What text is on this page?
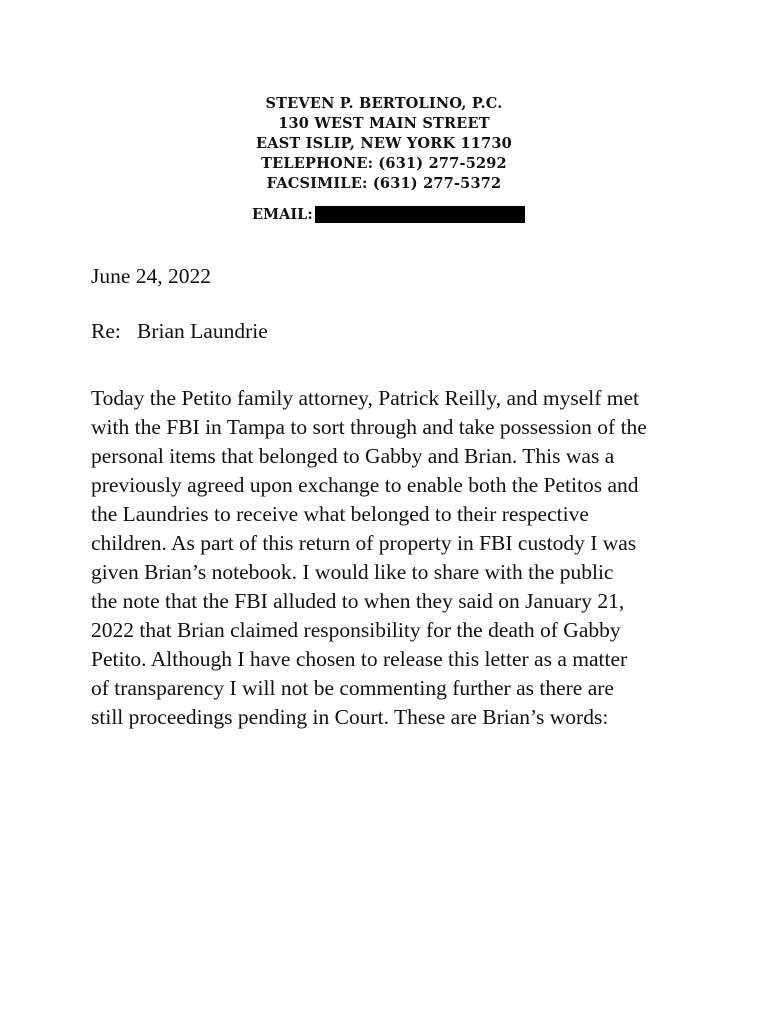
STEVEN P. BERTOLINO, P.C.
130 WEST MAIN STREET
EAST ISLIP, NEW YORK 11730
TELEPHONE: (631) 277-5292
FACSIMILE: (631) 277-5372
EMAIL:
June 24, 2022
Re: Brian Laundrie
Today the Petito family attorney, Patrick Reilly, and myself met
with the FBI in Tampa to sort through and take possession of the
personal items that belonged to Gabby and Brian. This was a
previously agreed upon exchange to enable both the Petitos and
the Laundries to receive what belonged to their respective
children. As part of this return of property in FBI custody I was
given Brian’s notebook. I would like to share with the public
the note that the FBI alluded to when they said on January 21,
2022 that Brian claimed responsibility for the death of Gabby
Petito. Although I have chosen to release this letter as a matter
of transparency I will not be commenting further as there are
still proceedings pending in Court. These are Brian’s words:
